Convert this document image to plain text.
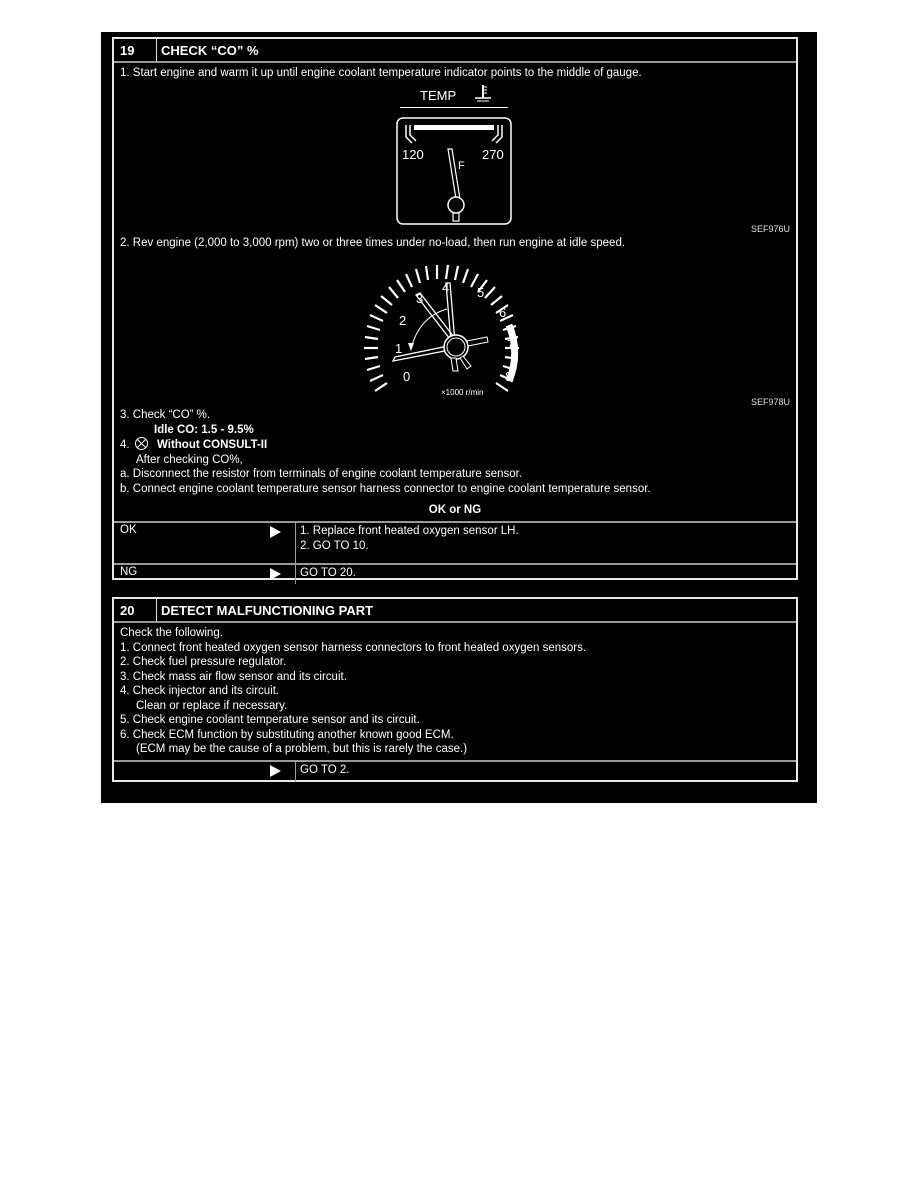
19	CHECK “CO” %
1. Start engine and warm it up until engine coolant temperature indicator points to the middle of gauge.
TEMP
120	270
F
SEF976U
2. Rev engine (2,000 to 3,000 rpm) two or three times under no-load, then run engine at idle speed.
0
1
2
3
4 5
6
7
8
×1000 r/min
SEF978U
3. Check “CO” %.
Idle CO: 1.5 - 9.5%
4. Without CONSULT-II
After checking CO%,
a. Disconnect the resistor from terminals of engine coolant temperature sensor.
b. Connect engine coolant temperature sensor harness connector to engine coolant temperature sensor.
OK or NG
OK	1. Replace front heated oxygen sensor LH.
2. GO TO 10.
NG	GO TO 20.
20	DETECT MALFUNCTIONING PART
Check the following.
1. Connect front heated oxygen sensor harness connectors to front heated oxygen sensors.
2. Check fuel pressure regulator.
3. Check mass air flow sensor and its circuit.
4. Check injector and its circuit.
Clean or replace if necessary.
5. Check engine coolant temperature sensor and its circuit.
6. Check ECM function by substituting another known good ECM.
(ECM may be the cause of a problem, but this is rarely the case.)
GO TO 2.
